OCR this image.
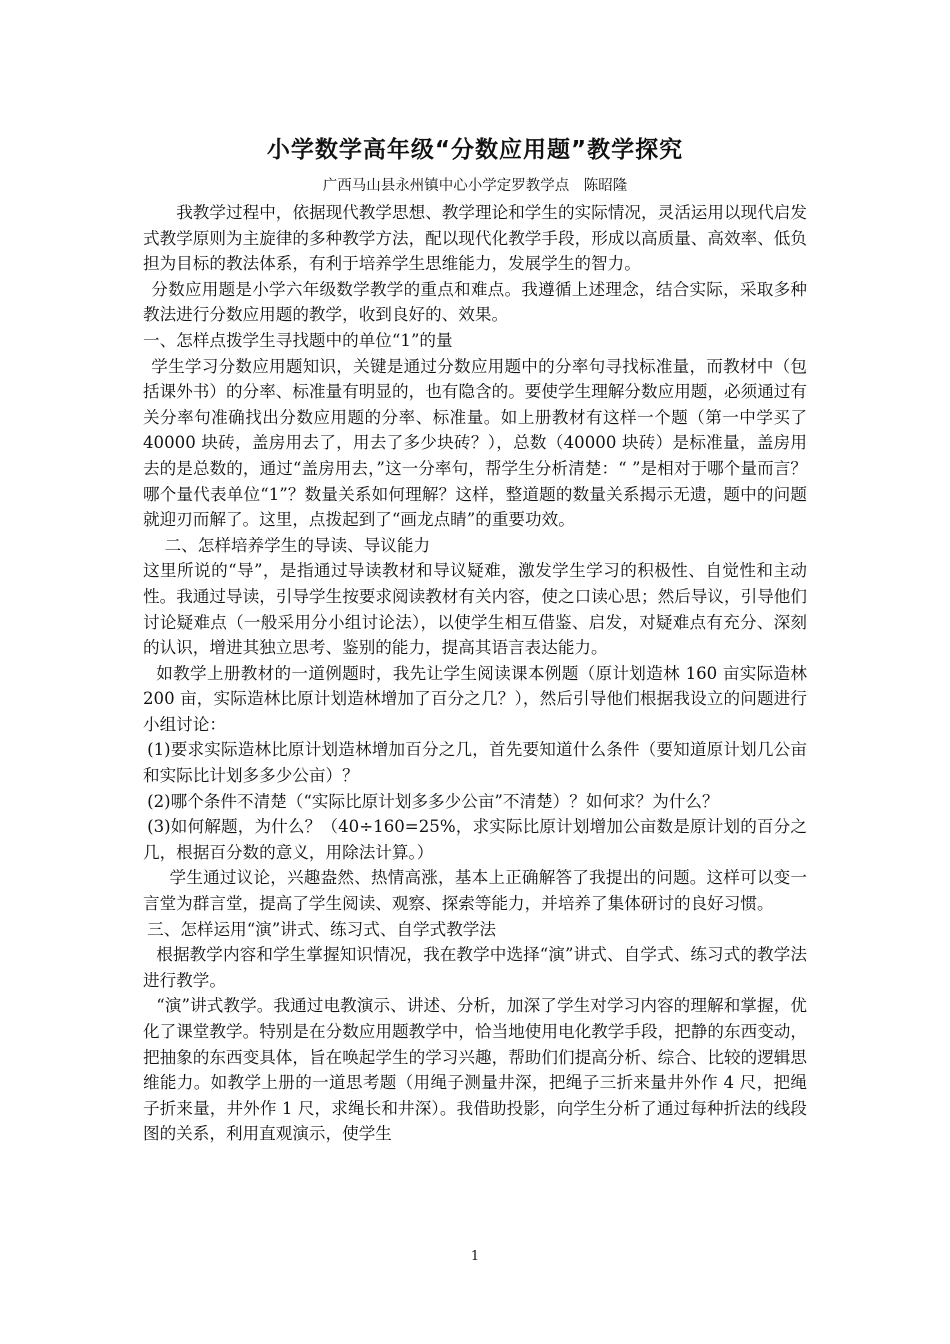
小学数学高年级“分数应用题”教学探究

广西马山县永州镇中心小学定罗教学点　陈昭隆

我教学过程中，依据现代教学思想、教学理论和学生的实际情况，灵活运用以现代启发式教学原则为主旋律的多种教学方法，配以现代化教学手段，形成以高质量、高效率、低负担为目标的教法体系，有利于培养学生思维能力，发展学生的智力。

分数应用题是小学六年级数学教学的重点和难点。我遵循上述理念，结合实际，采取多种教法进行分数应用题的教学，收到良好的、效果。

一、怎样点拨学生寻找题中的单位“1”的量

学生学习分数应用题知识，关键是通过分数应用题中的分率句寻找标准量，而教材中（包括课外书）的分率、标准量有明显的，也有隐含的。要使学生理解分数应用题，必须通过有关分率句准确找出分数应用题的分率、标准量。如上册教材有这样一个题（第一中学买了 40000 块砖，盖房用去了，用去了多少块砖？），总数（40000 块砖）是标准量，盖房用去的是总数的，通过“盖房用去，”这一分率句，帮学生分析清楚：“ ”是相对于哪个量而言？哪个量代表单位“1”？数量关系如何理解？这样，整道题的数量关系揭示无遗，题中的问题就迎刃而解了。这里，点拨起到了“画龙点睛”的重要功效。

二、怎样培养学生的导读、导议能力

这里所说的“导”，是指通过导读教材和导议疑难，激发学生学习的积极性、自觉性和主动性。我通过导读，引导学生按要求阅读教材有关内容，使之口读心思；然后导议，引导他们讨论疑难点（一般采用分小组讨论法），以使学生相互借鉴、启发，对疑难点有充分、深刻的认识，增进其独立思考、鉴别的能力，提高其语言表达能力。

如教学上册教材的一道例题时，我先让学生阅读课本例题（原计划造林 160 亩实际造林 200 亩，实际造林比原计划造林增加了百分之几？），然后引导他们根据我设立的问题进行小组讨论：

(1)要求实际造林比原计划造林增加百分之几，首先要知道什么条件（要知道原计划几公亩和实际比计划多多少公亩）？

(2)哪个条件不清楚（“实际比原计划多多少公亩”不清楚）？如何求？为什么？

(3)如何解题，为什么？（40÷160=25%，求实际比原计划增加公亩数是原计划的百分之几，根据百分数的意义，用除法计算。）

学生通过议论，兴趣盎然、热情高涨，基本上正确解答了我提出的问题。这样可以变一言堂为群言堂，提高了学生阅读、观察、探索等能力，并培养了集体研讨的良好习惯。

三、怎样运用“演”讲式、练习式、自学式教学法

根据教学内容和学生掌握知识情况，我在教学中选择“演”讲式、自学式、练习式的教学法进行教学。

“演”讲式教学。我通过电教演示、讲述、分析，加深了学生对学习内容的理解和掌握，优化了课堂教学。特别是在分数应用题教学中，恰当地使用电化教学手段，把静的东西变动，把抽象的东西变具体，旨在唤起学生的学习兴趣，帮助们们提高分析、综合、比较的逻辑思维能力。如教学上册的一道思考题（用绳子测量井深，把绳子三折来量井外作 4 尺，把绳子折来量，井外作 1 尺，求绳长和井深）。我借助投影，向学生分析了通过每种折法的线段图的关系，利用直观演示，使学生

1
